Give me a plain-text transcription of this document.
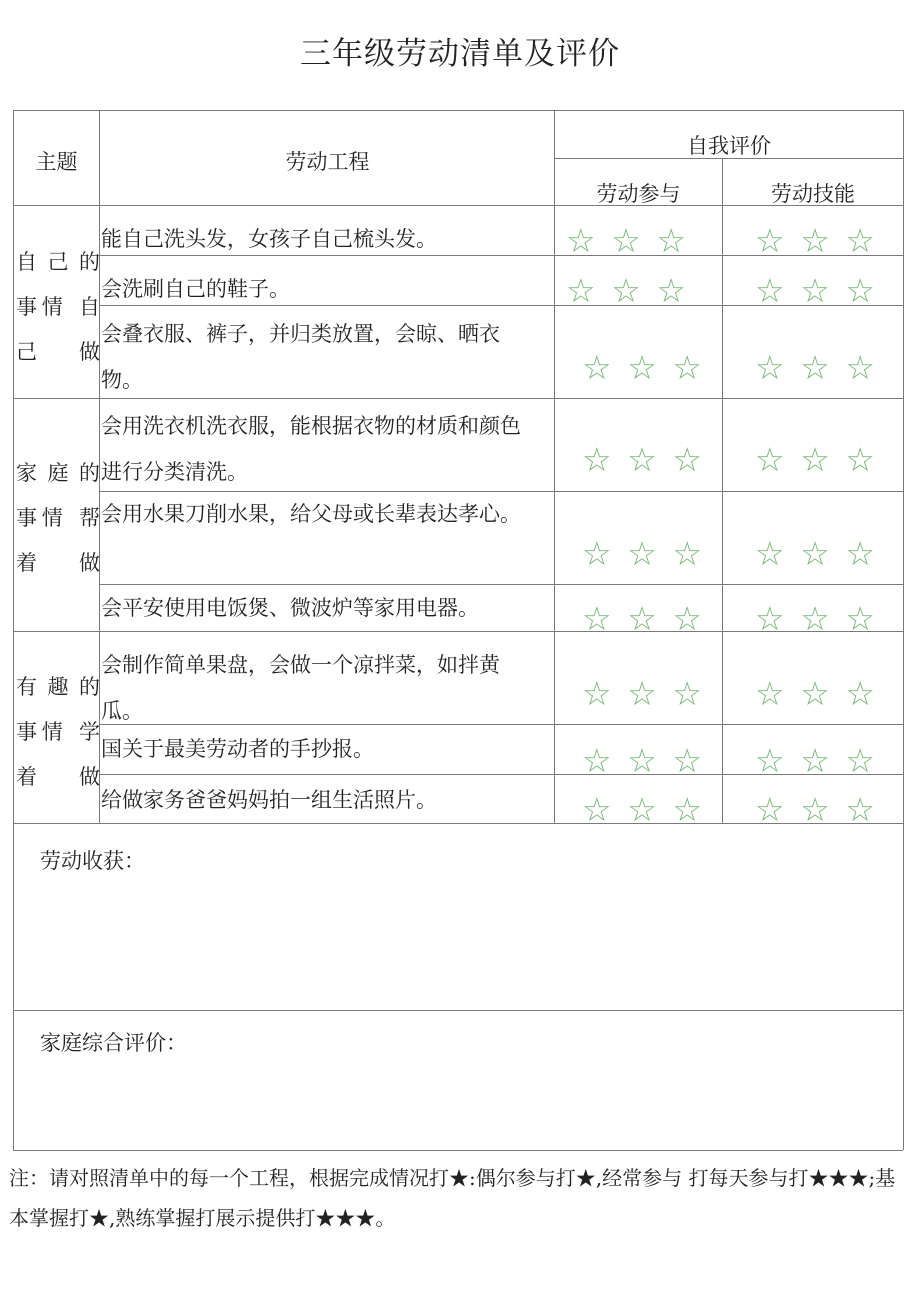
三年级劳动清单及评价
主题	劳动工程
自我评价
劳动参与	劳动技能
自己的
事情 自
己做
家庭的
事情 帮
着做
有趣的
事情 学
着做
能自己洗头发，女孩子自己梳头发。
会洗刷自己的鞋子。
会叠衣服、裤子，并归类放置，会晾、晒衣物。
会用洗衣机洗衣服，能根据衣物的材质和颜色进行分类清洗。
会用水果刀削水果，给父母或长辈表达孝心。
会平安使用电饭煲、微波炉等家用电器。
会制作简单果盘，会做一个凉拌菜，如拌黄瓜。
国关于最美劳动者的手抄报。
给做家务爸爸妈妈拍一组生活照片。
☆ ☆ ☆ ☆ ☆ ☆
☆ ☆ ☆ ☆ ☆ ☆
☆ ☆ ☆ ☆ ☆ ☆
☆ ☆ ☆ ☆ ☆ ☆
☆ ☆ ☆ ☆ ☆ ☆
☆ ☆ ☆ ☆ ☆ ☆
☆ ☆ ☆ ☆ ☆ ☆
☆ ☆ ☆ ☆ ☆ ☆
☆ ☆ ☆ ☆ ☆ ☆
劳动收获：
家庭综合评价：
注：请对照清单中的每一个工程，根据完成情况打★:偶尔参与打★,经常参与 打每天参与打★★★;基本掌握打★,熟练掌握打展示提供打★★★。
